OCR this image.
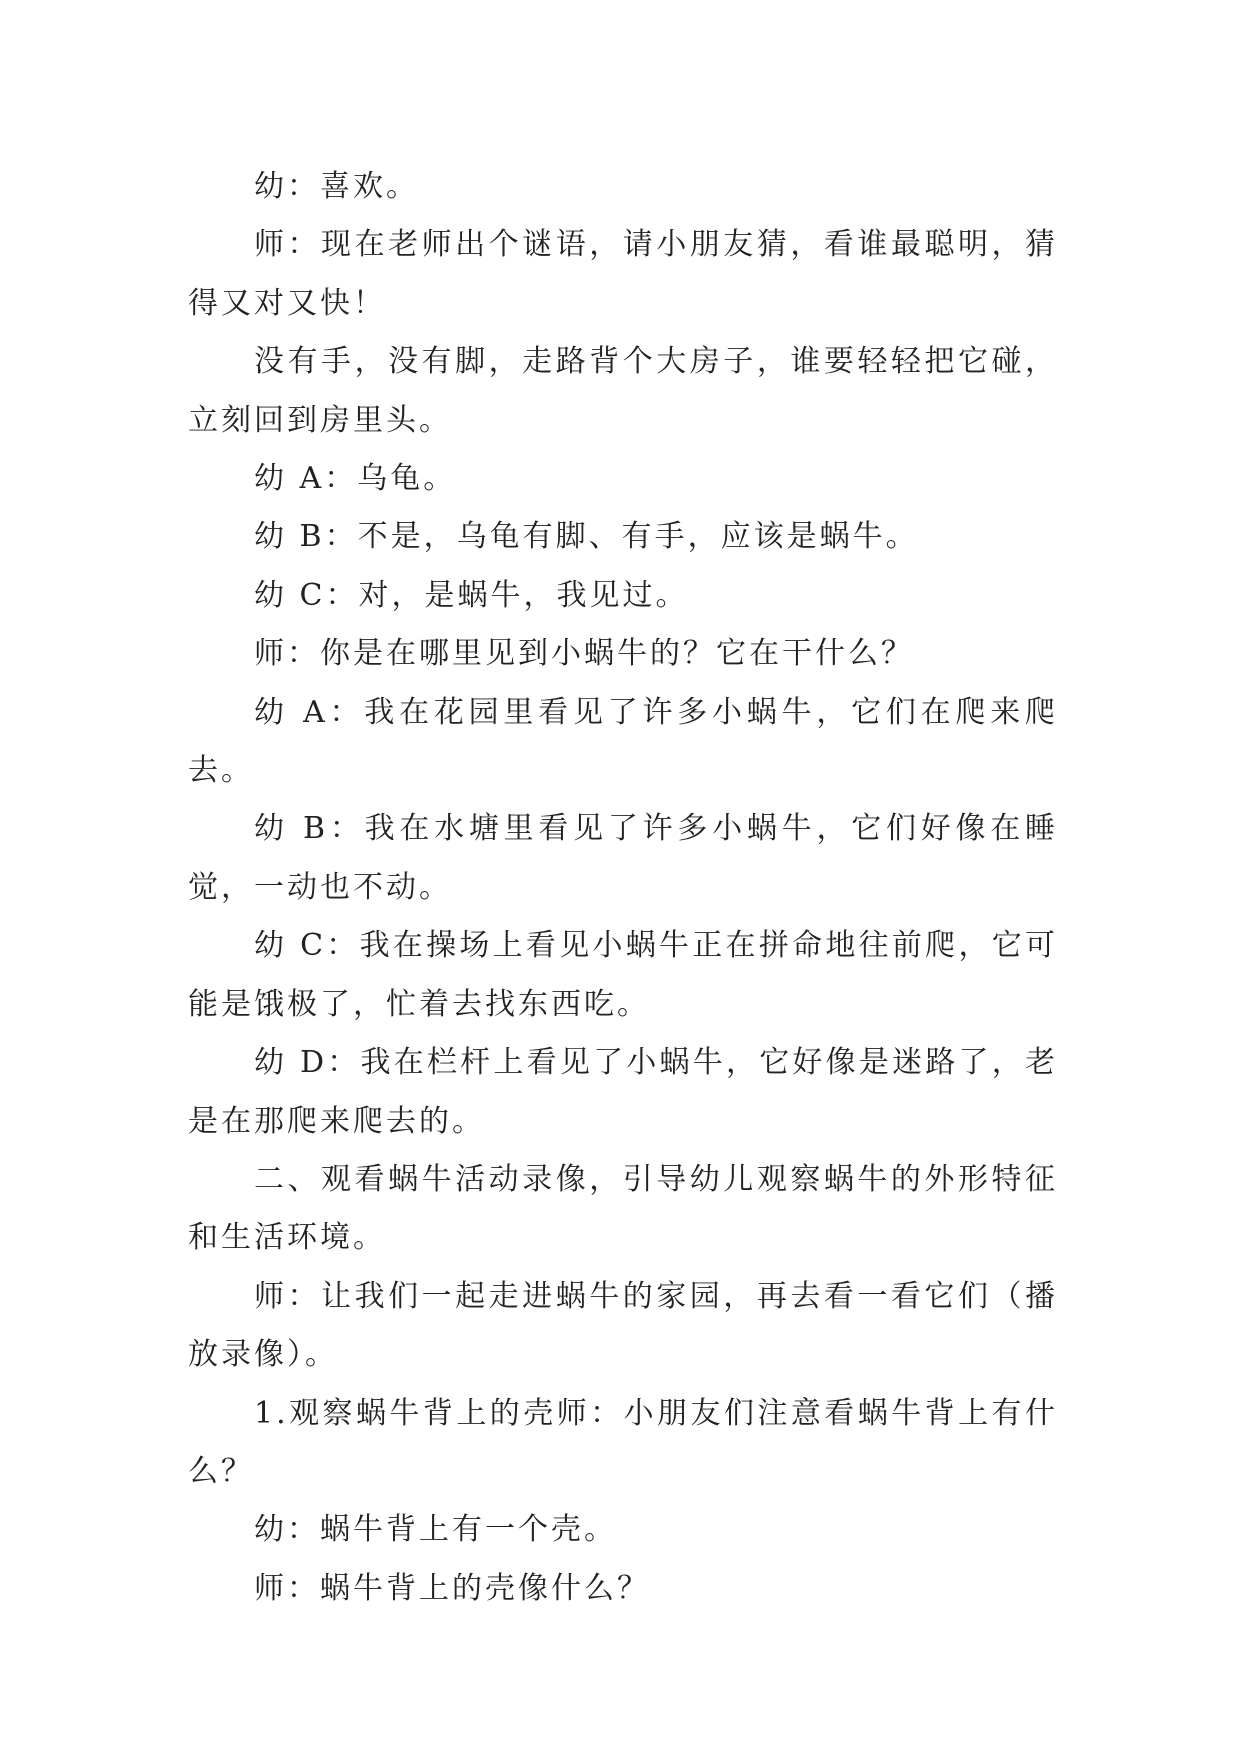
幼：喜欢。

师：现在老师出个谜语，请小朋友猜，看谁最聪明，猜得又对又快！

没有手，没有脚，走路背个大房子，谁要轻轻把它碰，立刻回到房里头。

幼 A：乌龟。

幼 B：不是，乌龟有脚、有手，应该是蜗牛。

幼 C：对，是蜗牛，我见过。

师：你是在哪里见到小蜗牛的？它在干什么？

幼 A：我在花园里看见了许多小蜗牛，它们在爬来爬去。

幼 B：我在水塘里看见了许多小蜗牛，它们好像在睡觉，一动也不动。

幼 C：我在操场上看见小蜗牛正在拼命地往前爬，它可能是饿极了，忙着去找东西吃。

幼 D：我在栏杆上看见了小蜗牛，它好像是迷路了，老是在那爬来爬去的。

二、观看蜗牛活动录像，引导幼儿观察蜗牛的外形特征和生活环境。

师：让我们一起走进蜗牛的家园，再去看一看它们（播放录像）。

1.观察蜗牛背上的壳师：小朋友们注意看蜗牛背上有什么？

幼：蜗牛背上有一个壳。

师：蜗牛背上的壳像什么？
